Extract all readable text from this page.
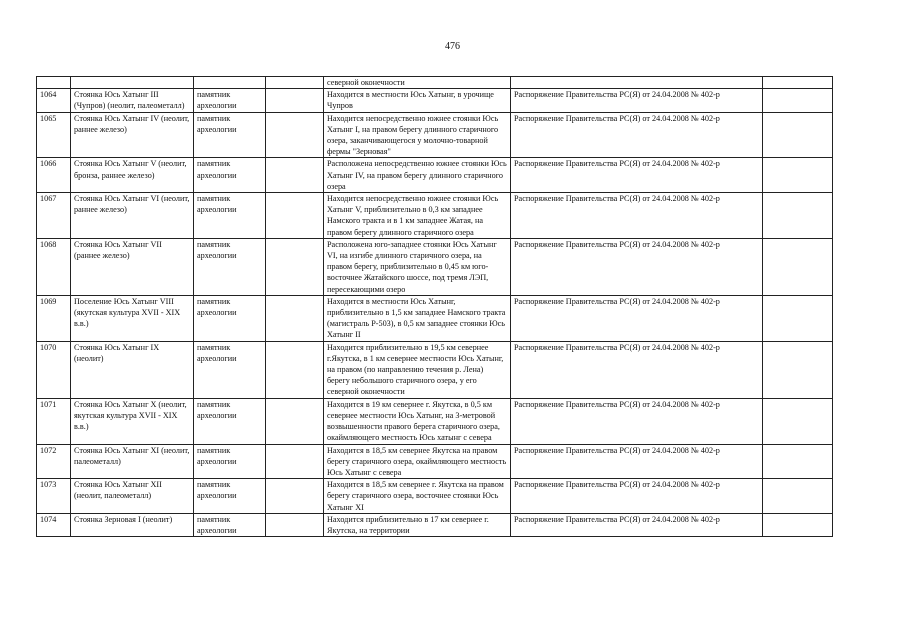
476
				северной оконечности		
1064	Стоянка Юсь Хатынг III (Чупров) (неолит, палеометалл)	памятник археологии		Находится в местности Юсь Хатынг, в урочище Чупров	Распоряжение Правительства РС(Я) от 24.04.2008 № 402-р	
1065	Стоянка Юсь Хатынг IV (неолит, раннее железо)	памятник археологии		Находится непосредственно южнее стоянки Юсь Хатынг I, на правом берегу длинного старичного озера, заканчивающегося у молочно-товарной фермы "Зерновая"	Распоряжение Правительства РС(Я) от 24.04.2008 № 402-р	
1066	Стоянка Юсь Хатынг V (неолит, бронза, раннее железо)	памятник археологии		Расположена непосредственно южнее стоянки Юсь Хатынг IV, на правом берегу длинного старичного озера	Распоряжение Правительства РС(Я) от 24.04.2008 № 402-р	
1067	Стоянка Юсь Хатынг VI (неолит, раннее железо)	памятник археологии		Находится непосредственно южнее стоянки Юсь Хатынг V, приблизительно в 0,3 км западнее Намского тракта и в 1 км западнее Жатая, на правом берегу длинного старичного озера	Распоряжение Правительства РС(Я) от 24.04.2008 № 402-р	
1068	Стоянка Юсь Хатынг VII (раннее железо)	памятник археологии		Расположена юго-западнее стоянки Юсь Хатынг VI, на изгибе длинного старичного озера, на правом берегу, приблизительно в 0,45 км юго-восточнее Жатайского шоссе, под тремя ЛЭП, пересекающими озеро	Распоряжение Правительства РС(Я) от 24.04.2008 № 402-р	
1069	Поселение Юсь Хатынг VIII (якутская культура XVII - XIX в.в.)	памятник археологии		Находится в местности Юсь Хатынг, приблизительно в 1,5 км западнее Намского тракта (магистраль Р-503), в 0,5 км западнее стоянки Юсь Хатынг II	Распоряжение Правительства РС(Я) от 24.04.2008 № 402-р	
1070	Стоянка Юсь Хатынг IX (неолит)	памятник археологии		Находится приблизительно в 19,5 км севернее г.Якутска, в 1 км севернее местности Юсь Хатынг, на правом (по направлению течения р. Лена) берегу небольшого старичного озера, у его северной оконечности	Распоряжение Правительства РС(Я) от 24.04.2008 № 402-р	
1071	Стоянка Юсь Хатынг X (неолит, якутская культура XVII - XIX в.в.)	памятник археологии		Находится в 19 км севернее г. Якутска, в 0,5 км севернее местности Юсь Хатынг, на 3-метровой возвышенности правого берега старичного озера, окаймляющего местность Юсь хатынг с севера	Распоряжение Правительства РС(Я) от 24.04.2008 № 402-р	
1072	Стоянка Юсь Хатынг XI (неолит, палеометалл)	памятник археологии		Находится в 18,5 км севернее Якутска на правом берегу старичного озера, окаймляющего местность Юсь Хатынг с севера	Распоряжение Правительства РС(Я) от 24.04.2008 № 402-р	
1073	Стоянка Юсь Хатынг XII (неолит, палеометалл)	памятник археологии		Находится в 18,5 км севернее г. Якутска на правом берегу старичного озера, восточнее стоянки Юсь Хатынг XI	Распоряжение Правительства РС(Я) от 24.04.2008 № 402-р	
1074	Стоянка Зерновая I (неолит)	памятник археологии		Находится приблизительно в 17 км севернее г. Якутска, на территории	Распоряжение Правительства РС(Я) от 24.04.2008 № 402-р	
